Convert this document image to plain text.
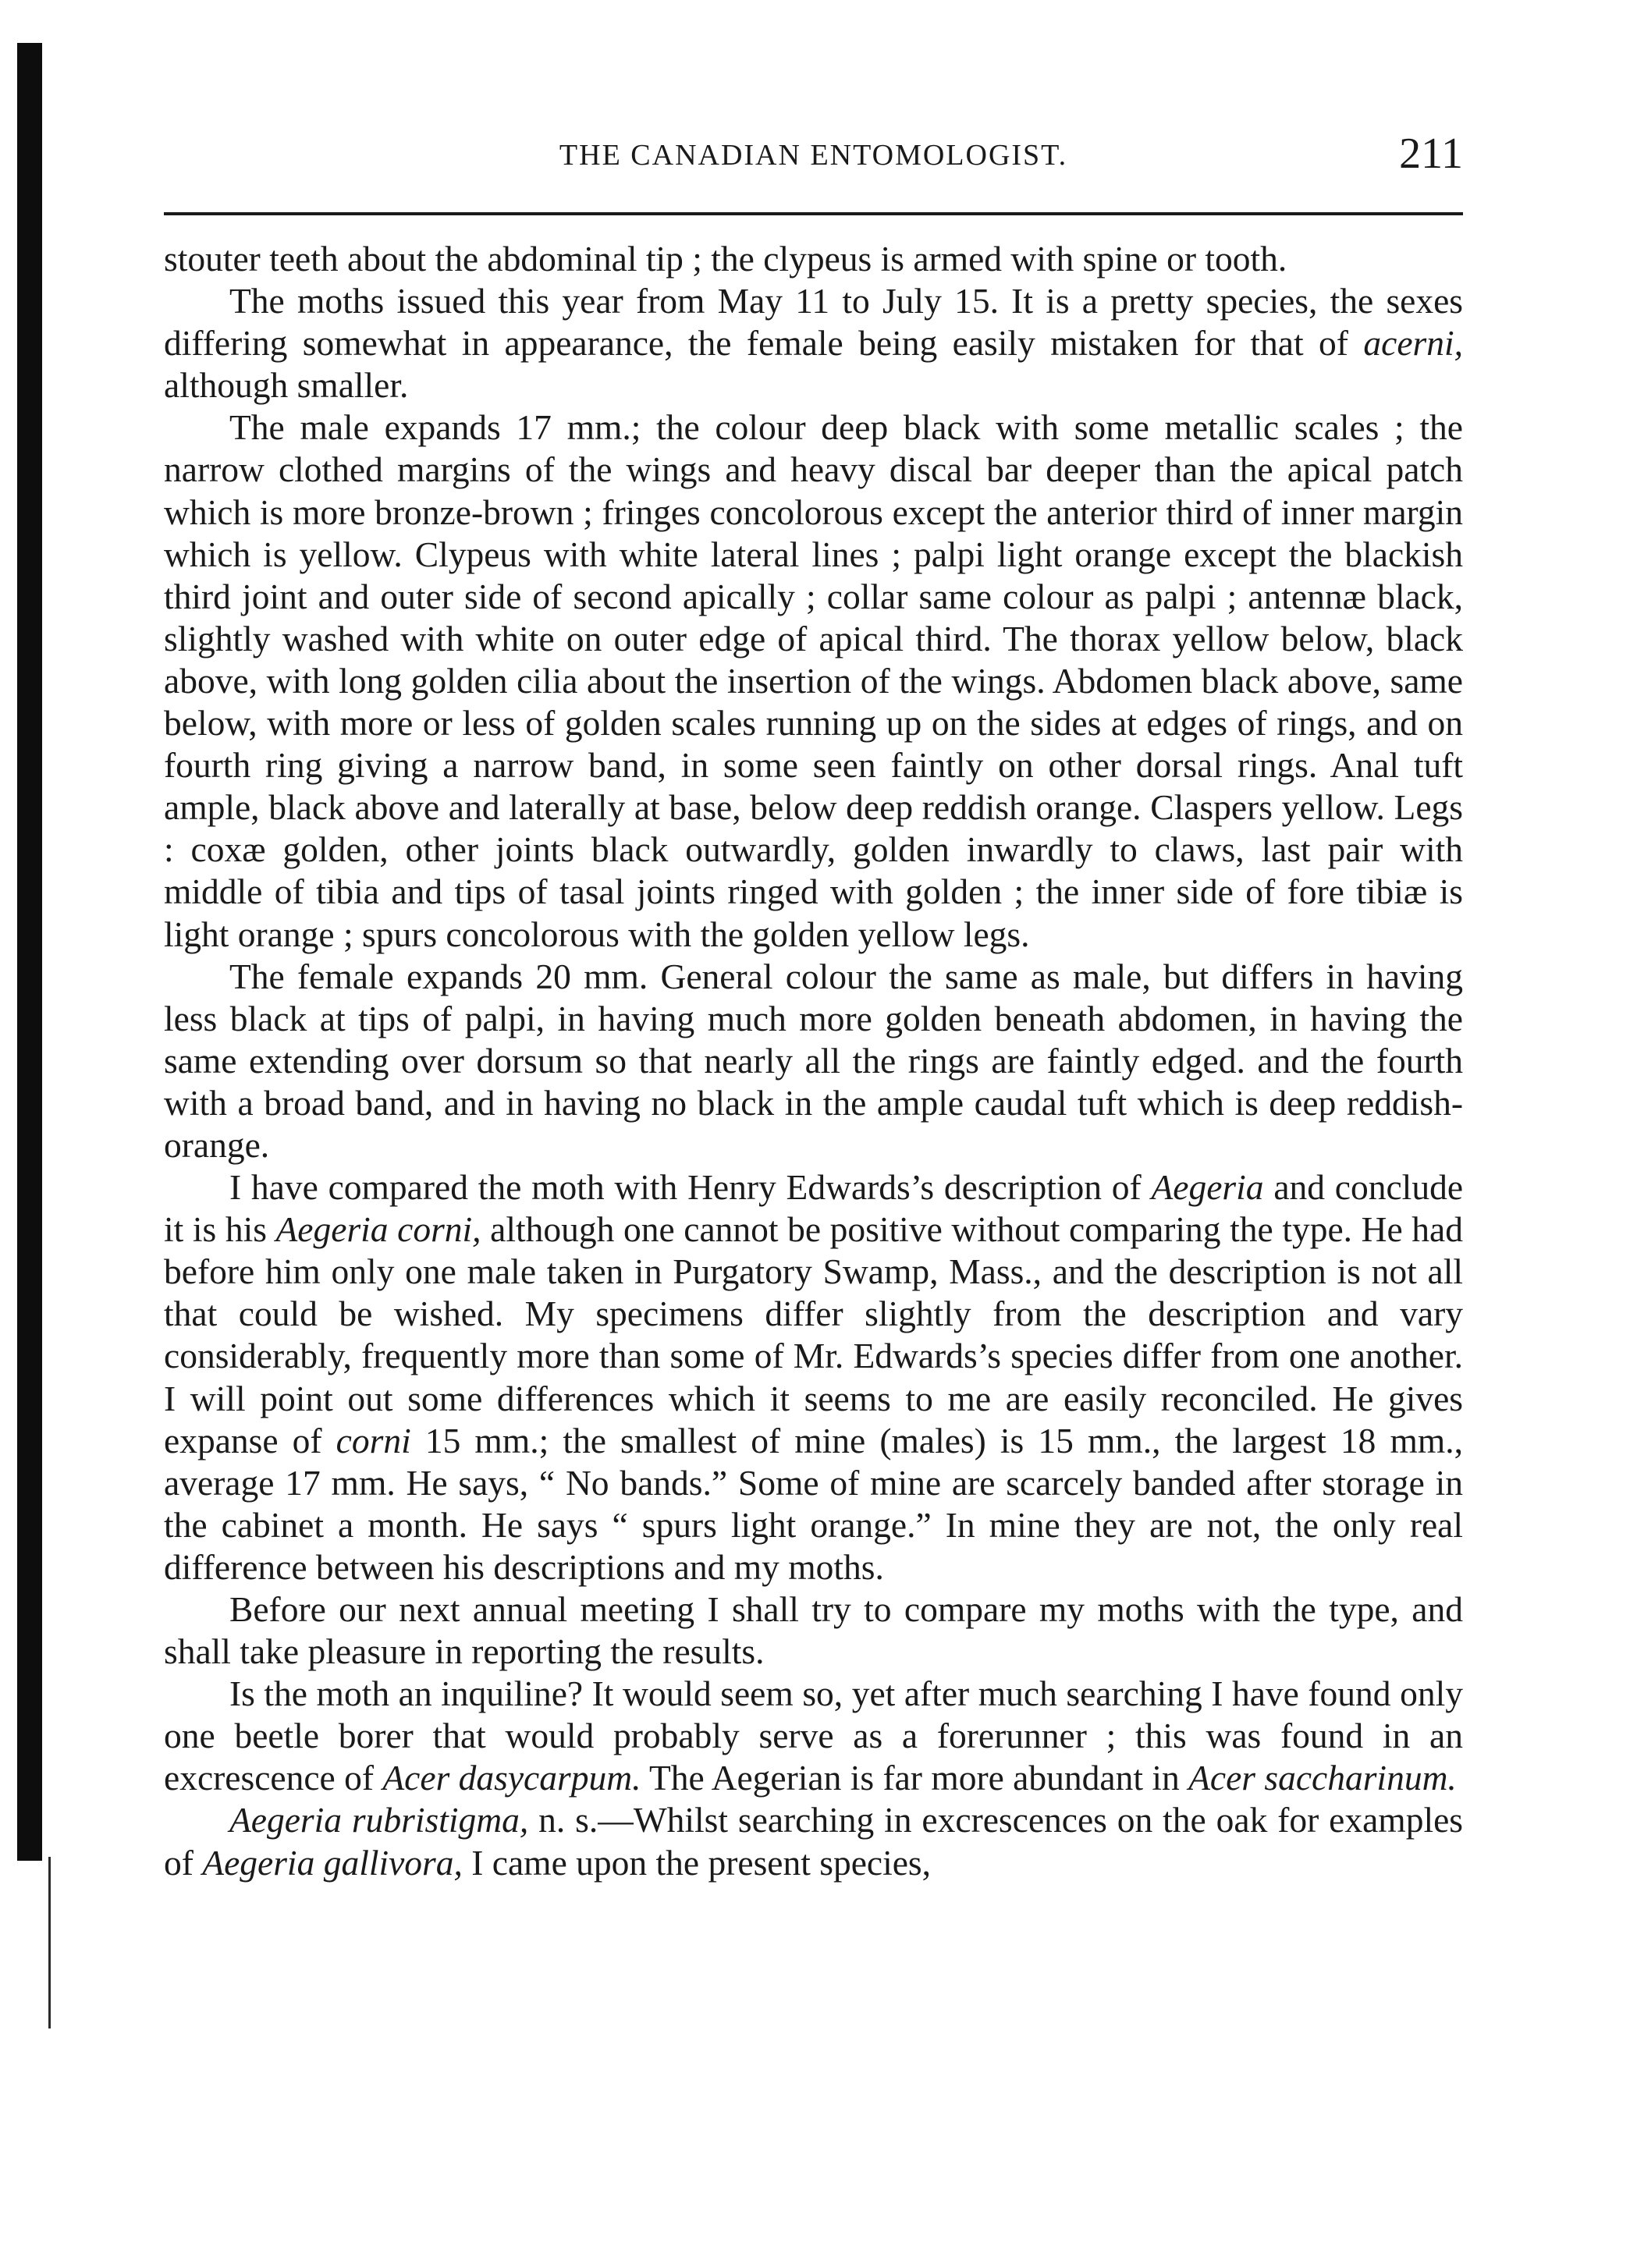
THE CANADIAN ENTOMOLOGIST.	211

stouter teeth about the abdominal tip ; the clypeus is armed with spine or tooth.

The moths issued this year from May 11 to July 15. It is a pretty species, the sexes differing somewhat in appearance, the female being easily mistaken for that of acerni, although smaller.

The male expands 17 mm.; the colour deep black with some metallic scales ; the narrow clothed margins of the wings and heavy discal bar deeper than the apical patch which is more bronze-brown ; fringes concolorous except the anterior third of inner margin which is yellow. Clypeus with white lateral lines ; palpi light orange except the blackish third joint and outer side of second apically ; collar same colour as palpi ; antennæ black, slightly washed with white on outer edge of apical third. The thorax yellow below, black above, with long golden cilia about the insertion of the wings. Abdomen black above, same below, with more or less of golden scales running up on the sides at edges of rings, and on fourth ring giving a narrow band, in some seen faintly on other dorsal rings. Anal tuft ample, black above and laterally at base, below deep reddish orange. Claspers yellow. Legs : coxæ golden, other joints black outwardly, golden inwardly to claws, last pair with middle of tibia and tips of tasal joints ringed with golden ; the inner side of fore tibiæ is light orange ; spurs concolorous with the golden yellow legs.

The female expands 20 mm. General colour the same as male, but differs in having less black at tips of palpi, in having much more golden beneath abdomen, in having the same extending over dorsum so that nearly all the rings are faintly edged. and the fourth with a broad band, and in having no black in the ample caudal tuft which is deep reddish-orange.

I have compared the moth with Henry Edwards’s description of Aegeria and conclude it is his Aegeria corni, although one cannot be positive without comparing the type. He had before him only one male taken in Purgatory Swamp, Mass., and the description is not all that could be wished. My specimens differ slightly from the description and vary considerably, frequently more than some of Mr. Edwards’s species differ from one another. I will point out some differences which it seems to me are easily reconciled. He gives expanse of corni 15 mm.; the smallest of mine (males) is 15 mm., the largest 18 mm., average 17 mm. He says, “ No bands.” Some of mine are scarcely banded after storage in the cabinet a month. He says “ spurs light orange.” In mine they are not, the only real difference between his descriptions and my moths.

Before our next annual meeting I shall try to compare my moths with the type, and shall take pleasure in reporting the results.

Is the moth an inquiline? It would seem so, yet after much searching I have found only one beetle borer that would probably serve as a forerunner ; this was found in an excrescence of Acer dasycarpum. The Aegerian is far more abundant in Acer saccharinum.

Aegeria rubristigma, n. s.—Whilst searching in excrescences on the oak for examples of Aegeria gallivora, I came upon the present species,
